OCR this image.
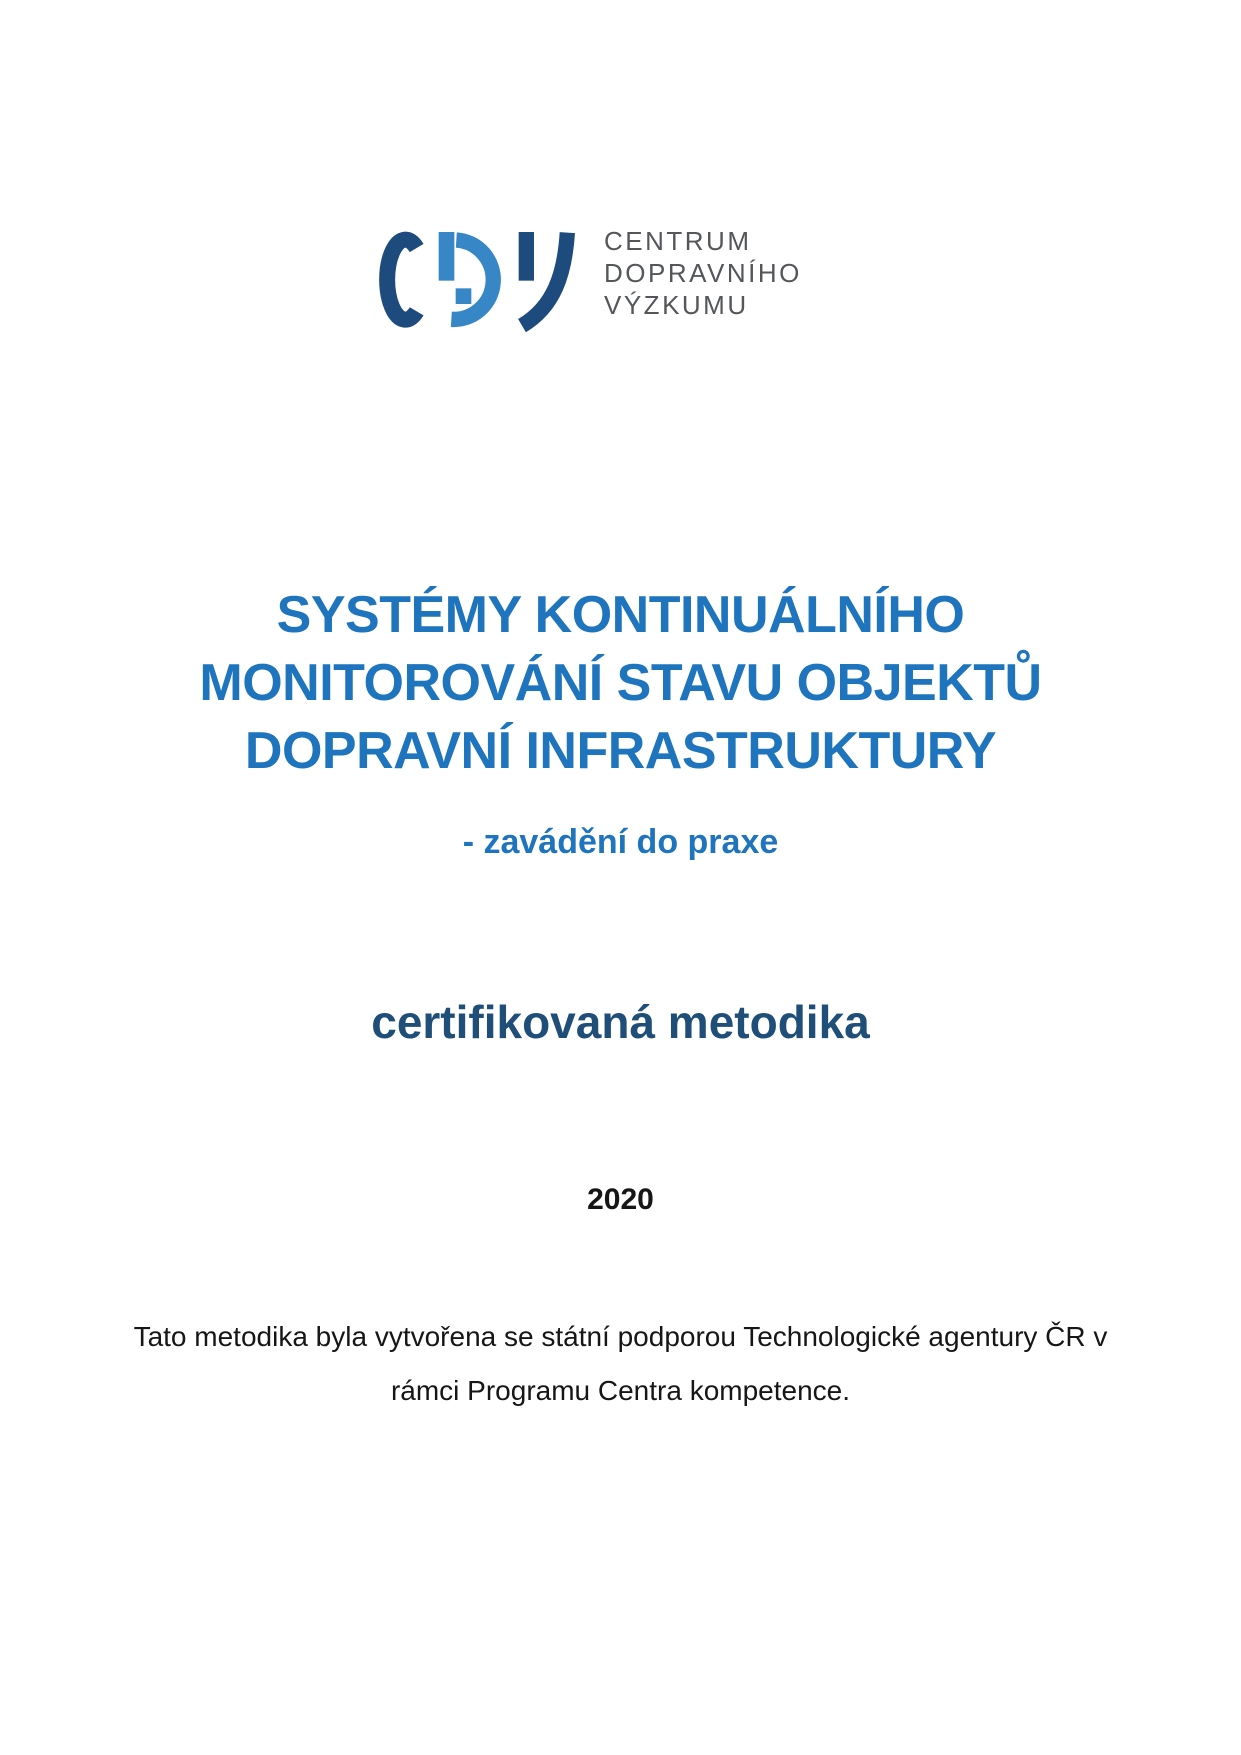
CENTRUM
DOPRAVNÍHO
VÝZKUMU
SYSTÉMY KONTINUÁLNÍHO
MONITOROVÁNÍ STAVU OBJEKTŮ
DOPRAVNÍ INFRASTRUKTURY
- zavádění do praxe
certifikovaná metodika
2020

Tato metodika byla vytvořena se státní podporou Technologické agentury ČR v
rámci Programu Centra kompetence.
